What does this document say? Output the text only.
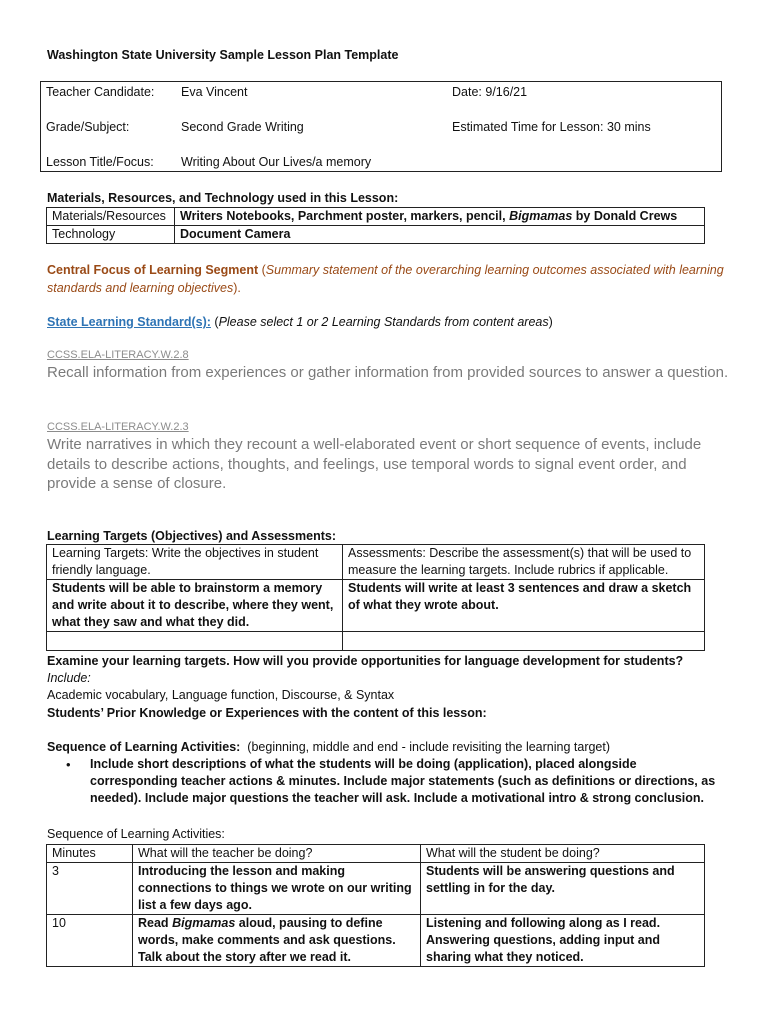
Washington State University Sample Lesson Plan Template
Teacher Candidate: Eva Vincent	Date: 9/16/21
Grade/Subject:	Second Grade Writing	Estimated Time for Lesson: 30 mins
Lesson Title/Focus: Writing About Our Lives/a memory
Materials, Resources, and Technology used in this Lesson:
Materials/Resources	Writers Notebooks, Parchment poster, markers, pencil, Bigmamas by Donald Crews
Technology	Document Camera
Central Focus of Learning Segment (Summary statement of the overarching learning outcomes associated with learning standards and learning objectives).
State Learning Standard(s): (Please select 1 or 2 Learning Standards from content areas)
CCSS.ELA-LITERACY.W.2.8
Recall information from experiences or gather information from provided sources to answer a question.
CCSS.ELA-LITERACY.W.2.3
Write narratives in which they recount a well-elaborated event or short sequence of events, include details to describe actions, thoughts, and feelings, use temporal words to signal event order, and provide a sense of closure.
Learning Targets (Objectives) and Assessments:
Learning Targets: Write the objectives in student friendly language.	Assessments: Describe the assessment(s) that will be used to measure the learning targets. Include rubrics if applicable.
Students will be able to brainstorm a memory and write about it to describe, where they went, what they saw and what they did.	Students will write at least 3 sentences and draw a sketch of what they wrote about.

Examine your learning targets. How will you provide opportunities for language development for students? Include:
Academic vocabulary, Language function, Discourse, & Syntax
Students’ Prior Knowledge or Experiences with the content of this lesson:
Sequence of Learning Activities: (beginning, middle and end - include revisiting the learning target)
• Include short descriptions of what the students will be doing (application), placed alongside corresponding teacher actions & minutes. Include major statements (such as definitions or directions, as needed). Include major questions the teacher will ask. Include a motivational intro & strong conclusion.
Sequence of Learning Activities:
Minutes	What will the teacher be doing?	What will the student be doing?
3	Introducing the lesson and making connections to things we wrote on our writing list a few days ago.	Students will be answering questions and settling in for the day.
10	Read Bigmamas aloud, pausing to define words, make comments and ask questions. Talk about the story after we read it.	Listening and following along as I read. Answering questions, adding input and sharing what they noticed.
